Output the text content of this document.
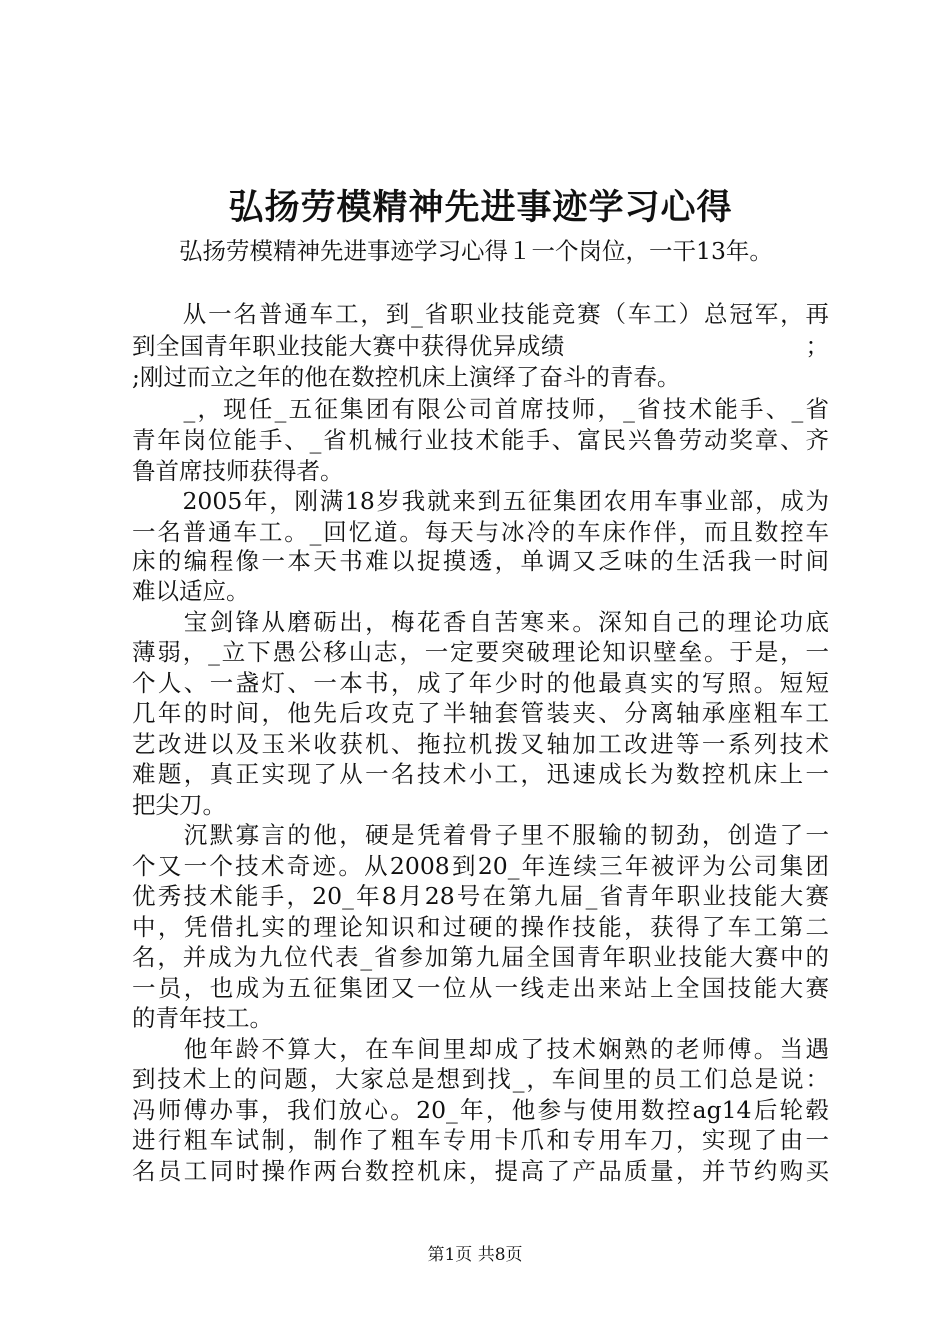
弘扬劳模精神先进事迹学习心得

　　弘扬劳模精神先进事迹学习心得１一个岗位，一干13年。

　　从一名普通车工，到_省职业技能竞赛（车工）总冠军，再

到全国青年职业技能大赛中获得优异成绩　　　　　　　　　　；

;刚过而立之年的他在数控机床上演绎了奋斗的青春。

　　_，现任_五征集团有限公司首席技师，_省技术能手、_省

青年岗位能手、_省机械行业技术能手、富民兴鲁劳动奖章、齐

鲁首席技师获得者。

　　2005年，刚满18岁我就来到五征集团农用车事业部，成为

一名普通车工。_回忆道。每天与冰冷的车床作伴，而且数控车

床的编程像一本天书难以捉摸透，单调又乏味的生活我一时间

难以适应。

　　宝剑锋从磨砺出，梅花香自苦寒来。深知自己的理论功底

薄弱，_立下愚公移山志，一定要突破理论知识壁垒。于是，一

个人、一盏灯、一本书，成了年少时的他最真实的写照。短短

几年的时间，他先后攻克了半轴套管装夹、分离轴承座粗车工

艺改进以及玉米收获机、拖拉机拨叉轴加工改进等一系列技术

难题，真正实现了从一名技术小工，迅速成长为数控机床上一

把尖刀。

　　沉默寡言的他，硬是凭着骨子里不服输的韧劲，创造了一

个又一个技术奇迹。从2008到20_年连续三年被评为公司集团

优秀技术能手，20_年8月28号在第九届_省青年职业技能大赛

中，凭借扎实的理论知识和过硬的操作技能，获得了车工第二

名，并成为九位代表_省参加第九届全国青年职业技能大赛中的

一员，也成为五征集团又一位从一线走出来站上全国技能大赛

的青年技工。

　　他年龄不算大，在车间里却成了技术娴熟的老师傅。当遇

到技术上的问题，大家总是想到找_，车间里的员工们总是说：

冯师傅办事，我们放心。20_年，他参与使用数控ag14后轮毂

进行粗车试制，制作了粗车专用卡爪和专用车刀，实现了由一

名员工同时操作两台数控机床，提高了产品质量，并节约购买

第1页 共8页
